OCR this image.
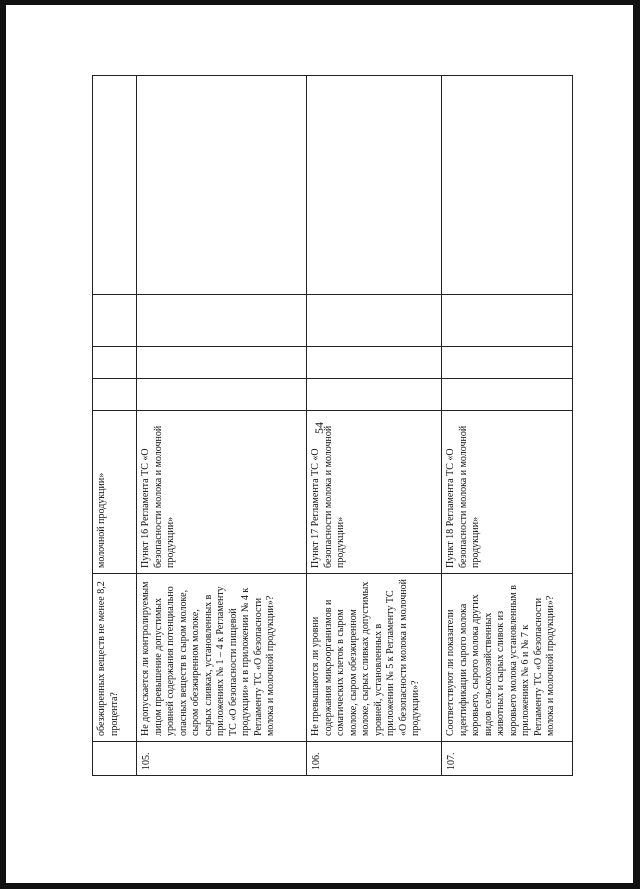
54

	обезжиренных веществ не менее 8,2 процента?	молочной продукции»				

105.	Не допускается ли контролируемым лицом превышение допустимых уровней содержания потенциально опасных веществ в сыром молоке, сыром обезжиренном молоке, сырых сливках, установленных в приложениях № 1 – 4 к Регламенту ТС «О безопасности пищевой продукции» и в приложении № 4 к Регламенту ТС «О безопасности молока и молочной продукции»?	Пункт 16 Регламента ТС «О безопасности молока и молочной продукции»				

106.	Не превышаются ли уровни содержания микроорганизмов и соматических клеток в сыром молоке, сыром обезжиренном молоке, сырых сливках допустимых уровней, установленных в приложении № 5 к Регламенту ТС «О безопасности молока и молочной продукции»?	Пункт 17 Регламента ТС «О безопасности молока и молочной продукции»				

107.	Соответствуют ли показатели идентификации сырого молока коровьего, сырого молока других видов сельскохозяйственных животных и сырых сливок из коровьего молока установленным в приложениях № 6 и № 7 к Регламенту ТС «О безопасности молока и молочной продукции»?	Пункт 18 Регламента ТС «О безопасности молока и молочной продукции»				
